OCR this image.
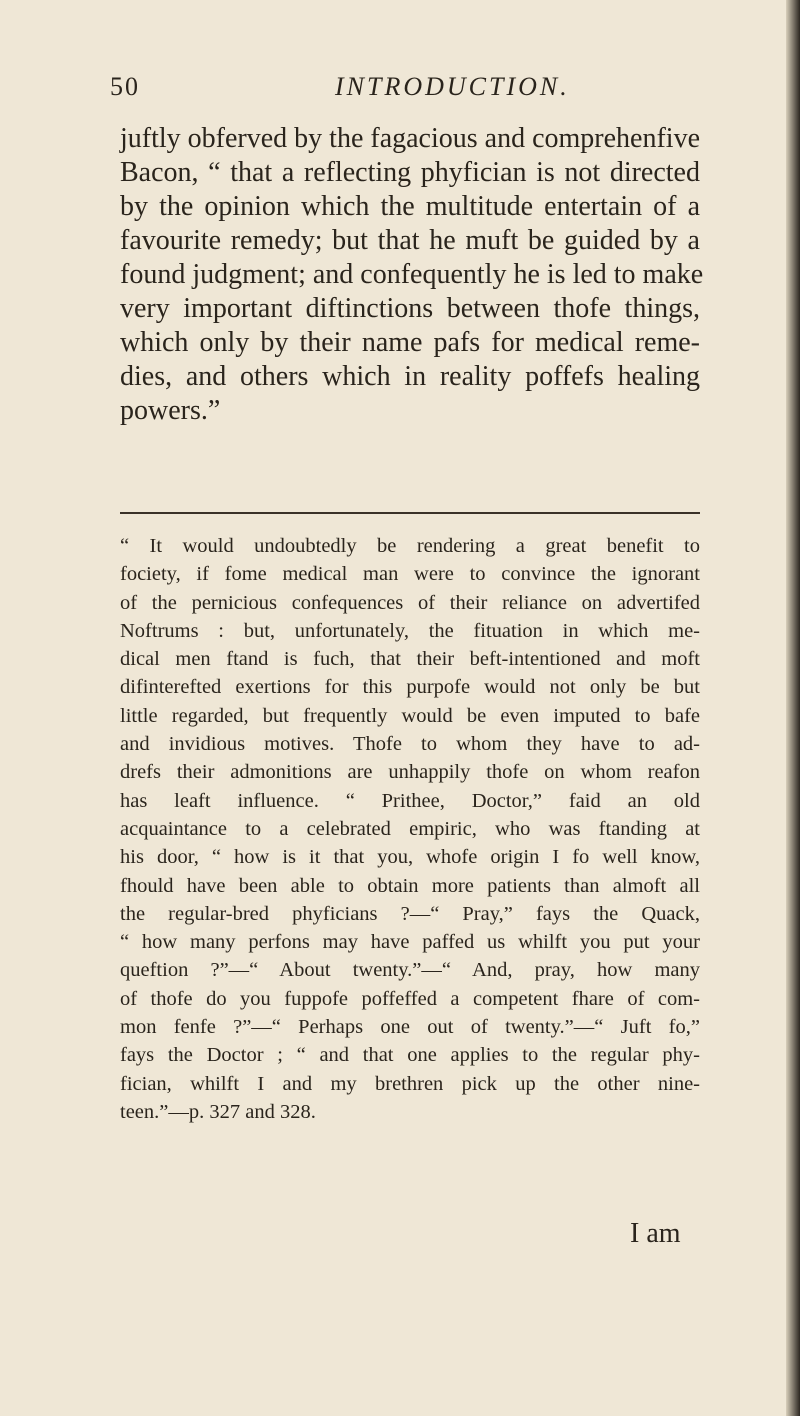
50	INTRODUCTION.

juftly obferved by the fagacious and comprehenfive
Bacon, “ that a reflecting phyfician is not directed
by the opinion which the multitude entertain of a
favourite remedy; but that he muft be guided by a
found judgment; and confequently he is led to make
very important diftinctions between thofe things,
which only by their name pafs for medical reme-
dies, and others which in reality poffefs healing
powers.”

“ It would undoubtedly be rendering a great benefit to
fociety, if fome medical man were to convince the ignorant
of the pernicious confequences of their reliance on advertifed
Noftrums : but, unfortunately, the fituation in which me-
dical men ftand is fuch, that their beft-intentioned and moft
difinterefted exertions for this purpofe would not only be but
little regarded, but frequently would be even imputed to bafe
and invidious motives. Thofe to whom they have to ad-
drefs their admonitions are unhappily thofe on whom reafon
has leaft influence. “ Prithee, Doctor,” faid an old
acquaintance to a celebrated empiric, who was ftanding at
his door, “ how is it that you, whofe origin I fo well know,
fhould have been able to obtain more patients than almoft all
the regular-bred phyficians ?—“ Pray,” fays the Quack,
“ how many perfons may have paffed us whilft you put your
queftion ?”—“ About twenty.”—“ And, pray, how many
of thofe do you fuppofe poffeffed a competent fhare of com-
mon fenfe ?”—“ Perhaps one out of twenty.”—“ Juft fo,”
fays the Doctor ; “ and that one applies to the regular phy-
fician, whilft I and my brethren pick up the other nine-
teen.”—p. 327 and 328.

I am
